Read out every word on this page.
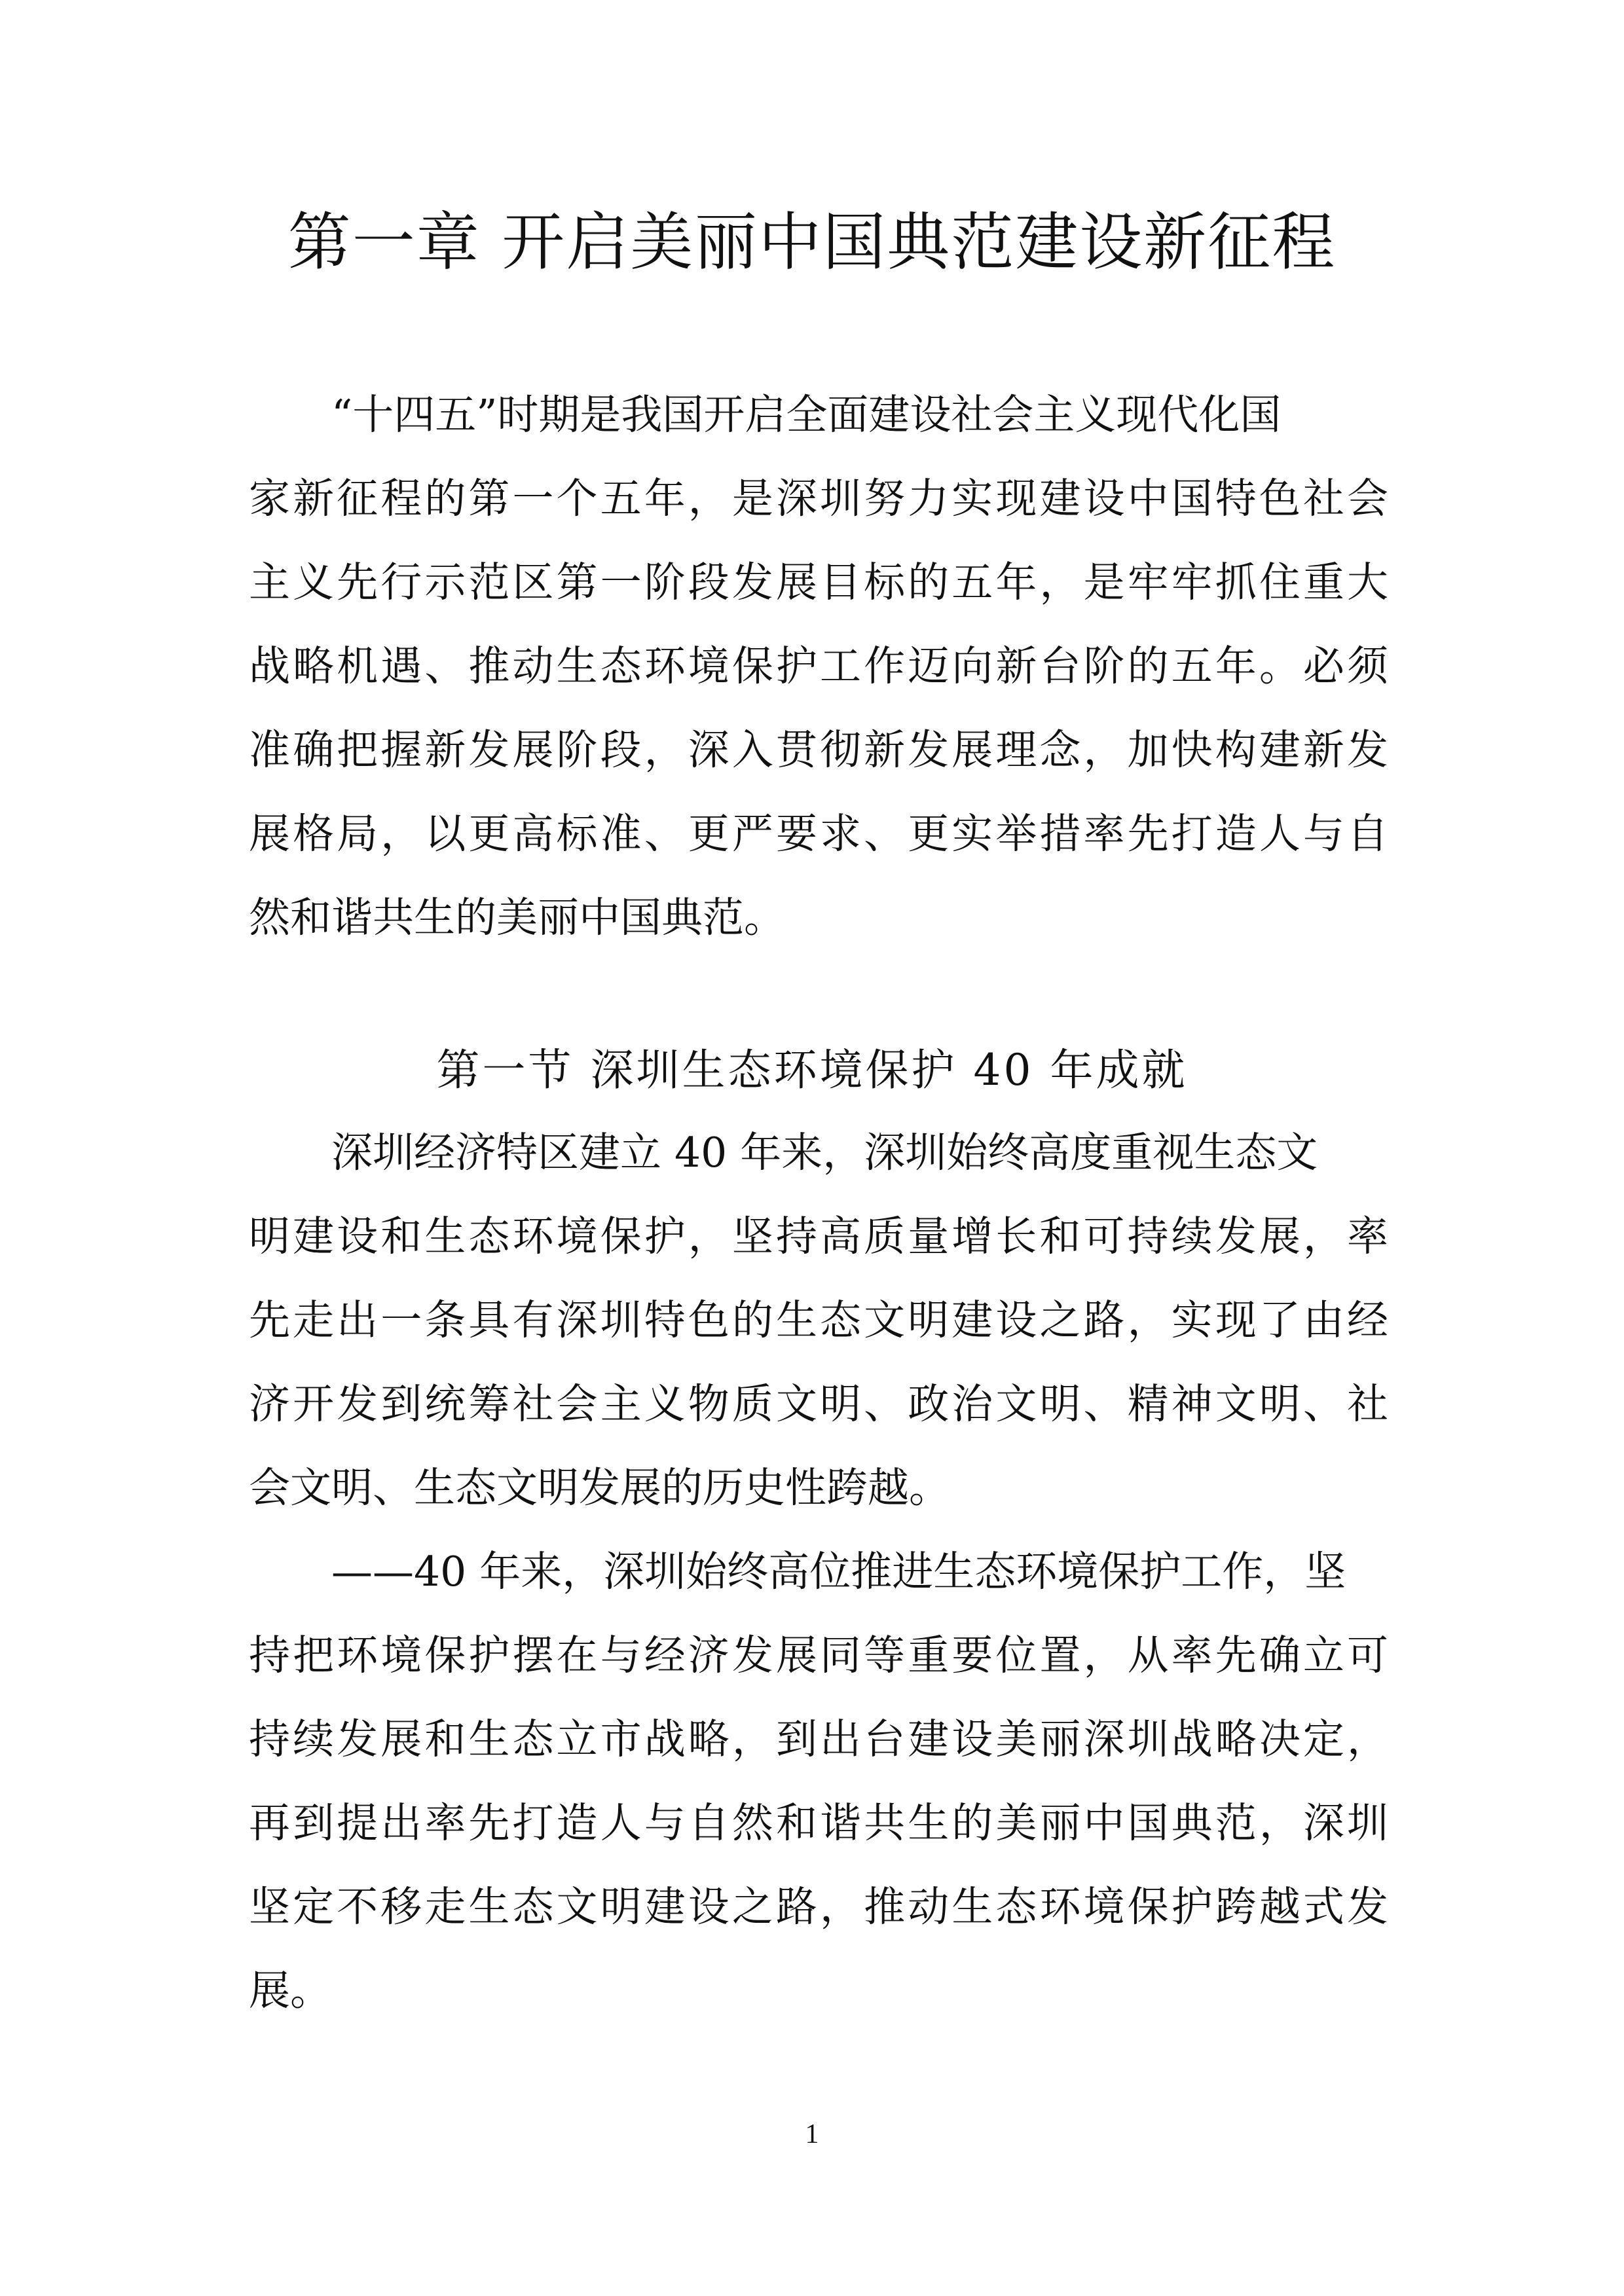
第一章 开启美丽中国典范建设新征程
“十四五”时期是我国开启全面建设社会主义现代化国
家新征程的第一个五年，是深圳努力实现建设中国特色社会
主义先行示范区第一阶段发展目标的五年，是牢牢抓住重大
战略机遇、推动生态环境保护工作迈向新台阶的五年。必须
准确把握新发展阶段，深入贯彻新发展理念，加快构建新发
展格局，以更高标准、更严要求、更实举措率先打造人与自
然和谐共生的美丽中国典范。
第一节 深圳生态环境保护 40 年成就
深圳经济特区建立 40 年来，深圳始终高度重视生态文
明建设和生态环境保护，坚持高质量增长和可持续发展，率
先走出一条具有深圳特色的生态文明建设之路，实现了由经
济开发到统筹社会主义物质文明、政治文明、精神文明、社
会文明、生态文明发展的历史性跨越。
——40 年来，深圳始终高位推进生态环境保护工作，坚
持把环境保护摆在与经济发展同等重要位置，从率先确立可
持续发展和生态立市战略，到出台建设美丽深圳战略决定，
再到提出率先打造人与自然和谐共生的美丽中国典范，深圳
坚定不移走生态文明建设之路，推动生态环境保护跨越式发
展。
1
